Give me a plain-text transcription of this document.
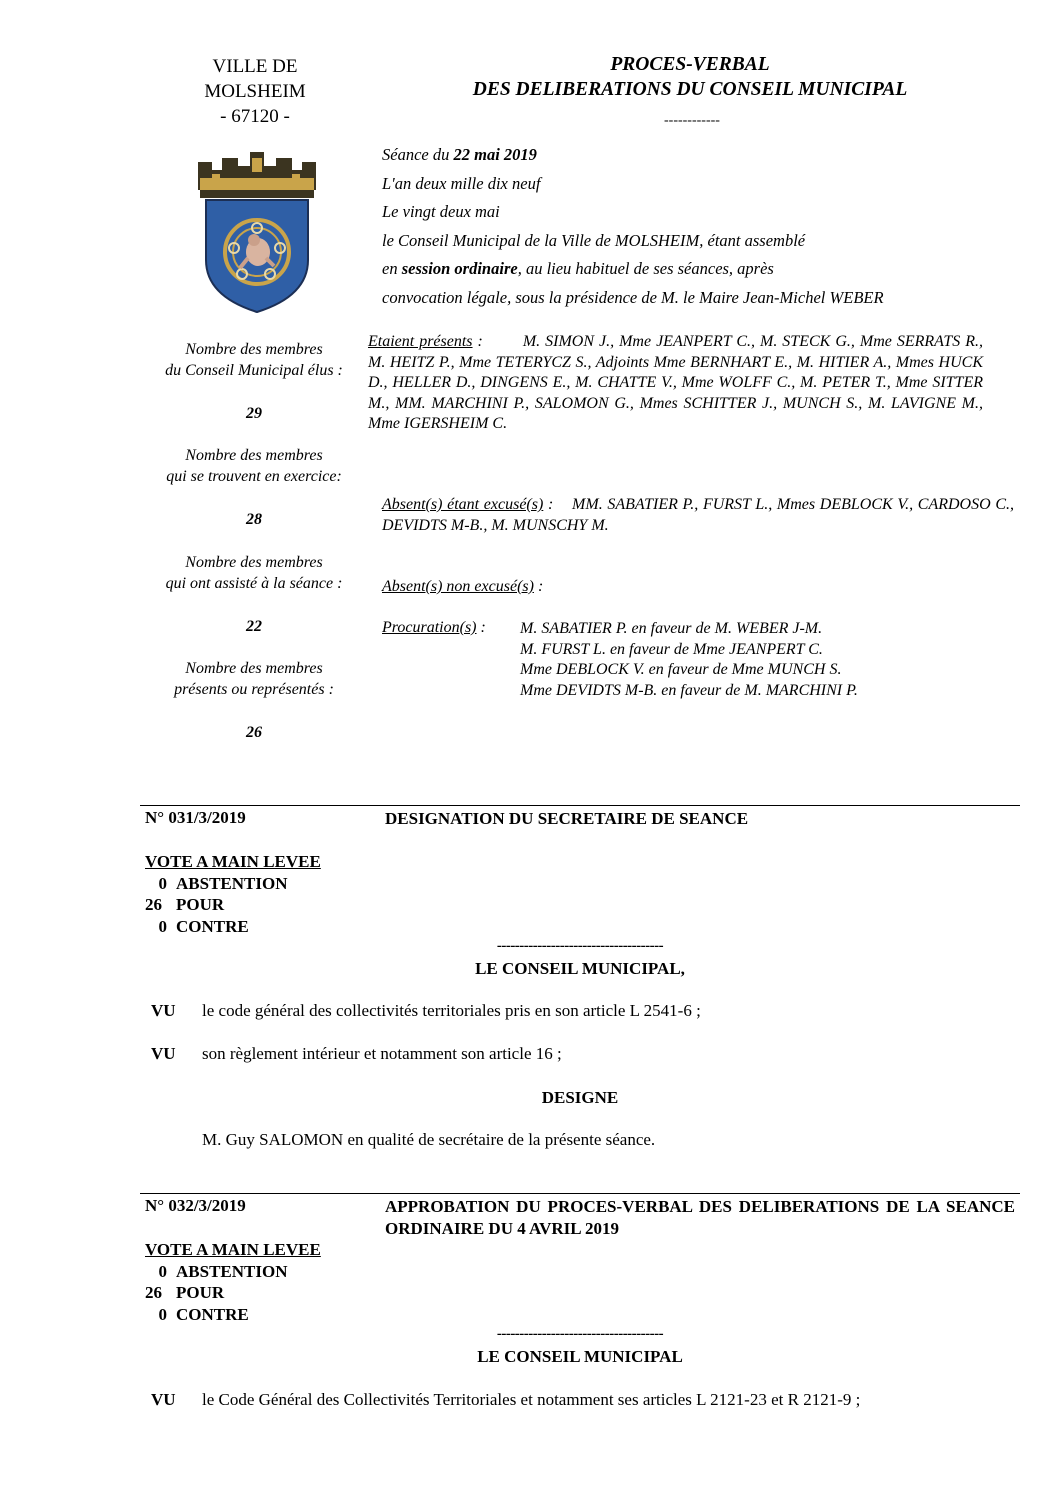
VILLE DE
MOLSHEIM
- 67120 -
PROCES-VERBAL
DES DELIBERATIONS DU CONSEIL MUNICIPAL
------------
Séance du 22 mai 2019
L'an deux mille dix neuf
Le vingt deux mai
le Conseil Municipal de la Ville de MOLSHEIM, étant assemblé
en session ordinaire, au lieu habituel de ses séances, après
convocation légale, sous la présidence de M. le Maire Jean-Michel WEBER
Nombre des membres
du Conseil Municipal élus :
29
Nombre des membres
qui se trouvent en exercice:
28
Nombre des membres
qui ont assisté à la séance :
22
Nombre des membres
présents ou représentés :
26
Etaient présents :        M. SIMON J., Mme JEANPERT C., M. STECK G., Mme SERRATS R., M. HEITZ P., Mme TETERYCZ S., Adjoints Mme BERNHART E., M. HITIER A., Mmes HUCK D., HELLER D., DINGENS E., M. CHATTE V., Mme WOLFF C., M. PETER T., Mme SITTER M., MM. MARCHINI P., SALOMON G., Mmes SCHITTER J., MUNCH S., M. LAVIGNE M., Mme IGERSHEIM C.
Absent(s) étant excusé(s) :    MM. SABATIER P., FURST L., Mmes DEBLOCK V., CARDOSO C., DEVIDTS M-B., M. MUNSCHY M.
Absent(s) non excusé(s) :
Procuration(s) : M. SABATIER P. en faveur de M. WEBER J-M.
M. FURST L. en faveur de Mme JEANPERT C.
Mme DEBLOCK V. en faveur de Mme MUNCH S.
Mme DEVIDTS M-B. en faveur de M. MARCHINI P.
N° 031/3/2019	DESIGNATION DU SECRETAIRE DE SEANCE
VOTE A MAIN LEVEE
0 ABSTENTION
26 POUR
0 CONTRE
-------------------------------------
LE CONSEIL MUNICIPAL,
VU le code général des collectivités territoriales pris en son article L 2541-6 ;
VU son règlement intérieur et notamment son article 16 ;
DESIGNE
M. Guy SALOMON en qualité de secrétaire de la présente séance.
N° 032/3/2019	APPROBATION DU PROCES-VERBAL DES DELIBERATIONS DE LA SEANCE ORDINAIRE DU 4 AVRIL 2019
VOTE A MAIN LEVEE
0 ABSTENTION
26 POUR
0 CONTRE
-------------------------------------
LE CONSEIL MUNICIPAL
VU le Code Général des Collectivités Territoriales et notamment ses articles L 2121-23 et R 2121-9 ;
